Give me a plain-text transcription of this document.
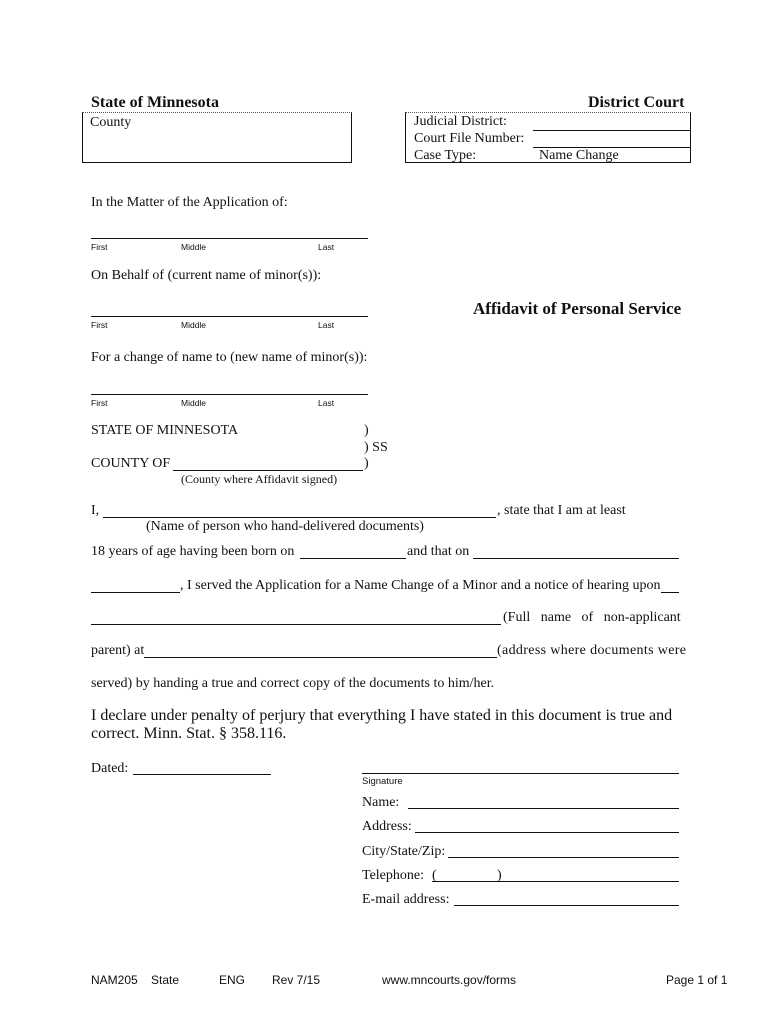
State of Minnesota	District Court
County	Judicial District:
Court File Number:
Case Type:	Name Change
In the Matter of the Application of:
First	Middle	Last
On Behalf of (current name of minor(s)):
First	Middle	Last
Affidavit of Personal Service
For a change of name to (new name of minor(s)):
First	Middle	Last
STATE OF MINNESOTA	)
) SS
COUNTY OF	)
(County where Affidavit signed)
I,	, state that I am at least
(Name of person who hand-delivered documents)
18 years of age having been born on	and that on
, I served the Application for a Name Change of a Minor and a notice of hearing upon
(Full   name   of   non-applicant
parent) at	(address where documents were
served) by handing a true and correct copy of the documents to him/her.
I declare under penalty of perjury that everything I have stated in this document is true and
correct. Minn. Stat. § 358.116.
Dated:
Signature
Name:
Address:
City/State/Zip:
Telephone: (	)
E-mail address:
NAM205 State	ENG Rev 7/15	www.mncourts.gov/forms	Page 1 of 1
